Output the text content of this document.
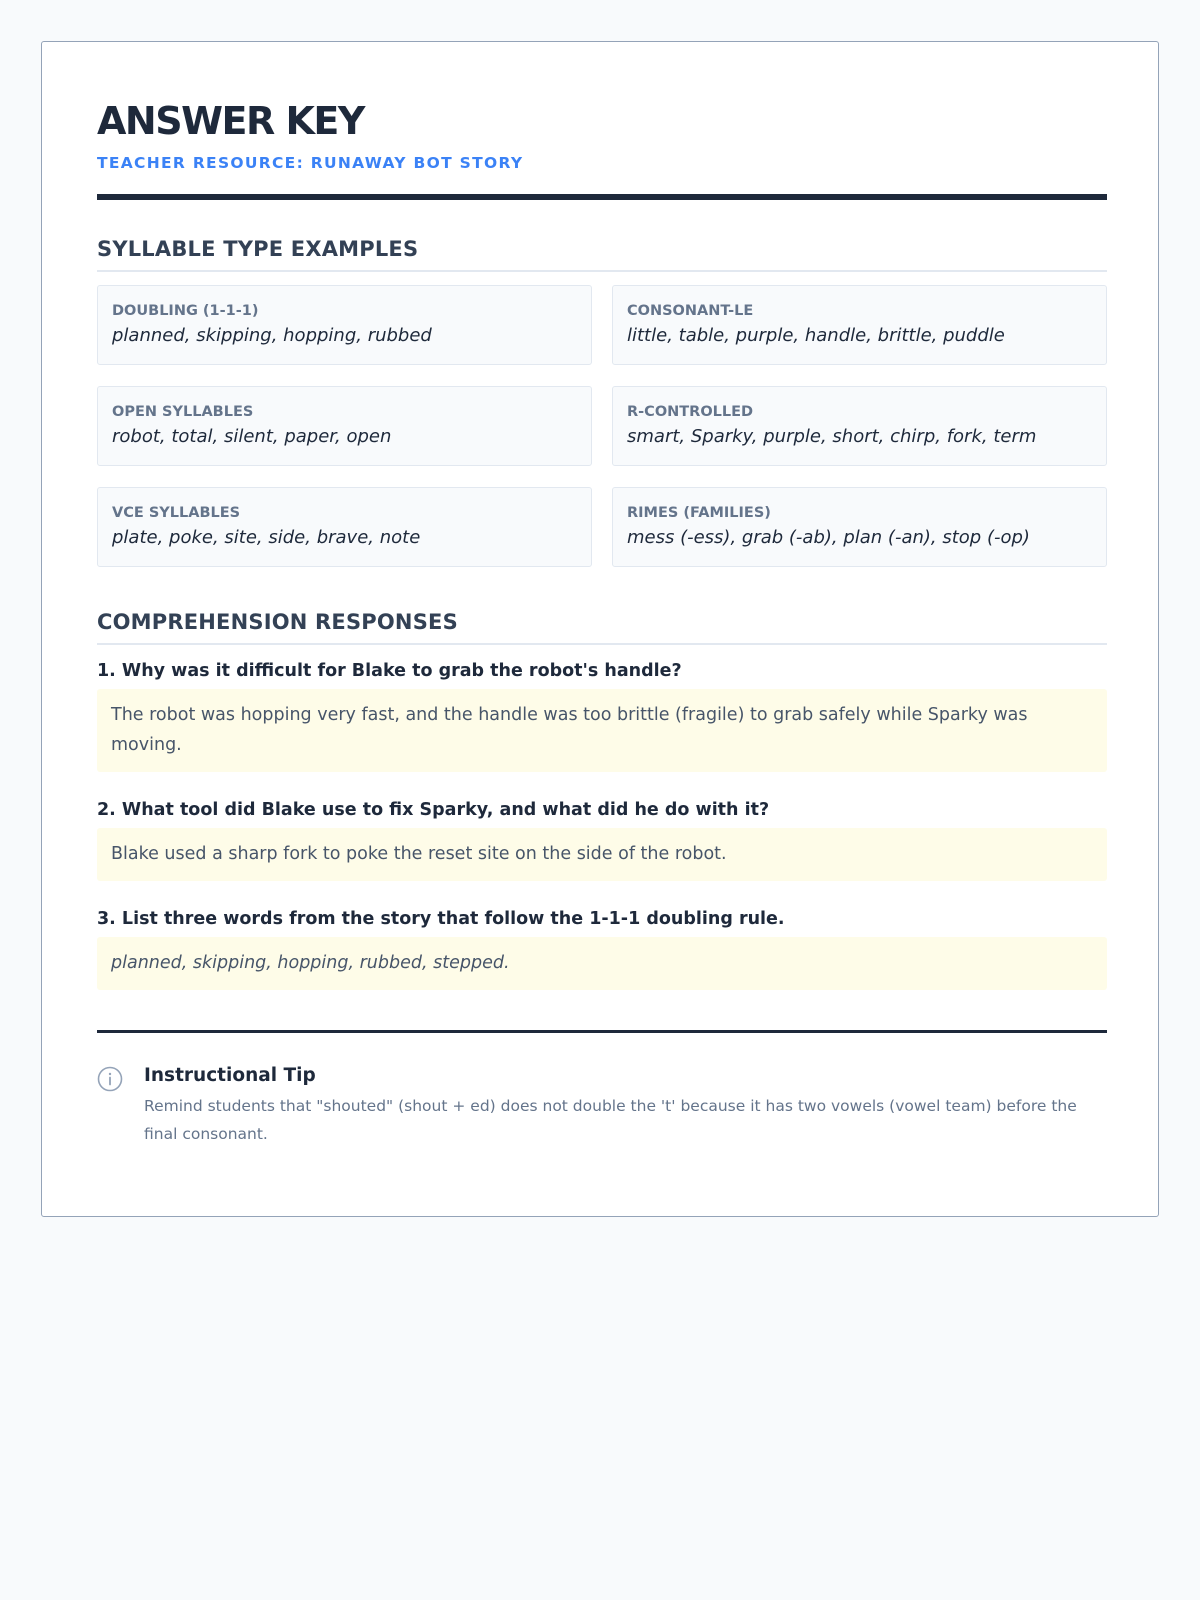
ANSWER KEY
TEACHER RESOURCE: RUNAWAY BOT STORY
SYLLABLE TYPE EXAMPLES
DOUBLING (1-1-1)
planned, skipping, hopping, rubbed
CONSONANT-LE
little, table, purple, handle, brittle, puddle
OPEN SYLLABLES
robot, total, silent, paper, open
R-CONTROLLED
smart, Sparky, purple, short, chirp, fork, term
VCE SYLLABLES
plate, poke, site, side, brave, note
RIMES (FAMILIES)
mess (-ess), grab (-ab), plan (-an), stop (-op)
COMPREHENSION RESPONSES
1. Why was it difficult for Blake to grab the robot's handle?
The robot was hopping very fast, and the handle was too brittle (fragile) to grab safely while Sparky was moving.
2. What tool did Blake use to fix Sparky, and what did he do with it?
Blake used a sharp fork to poke the reset site on the side of the robot.
3. List three words from the story that follow the 1-1-1 doubling rule.
planned, skipping, hopping, rubbed, stepped.
Instructional Tip
Remind students that "shouted" (shout + ed) does not double the 't' because it has two vowels (vowel team) before the final consonant.
